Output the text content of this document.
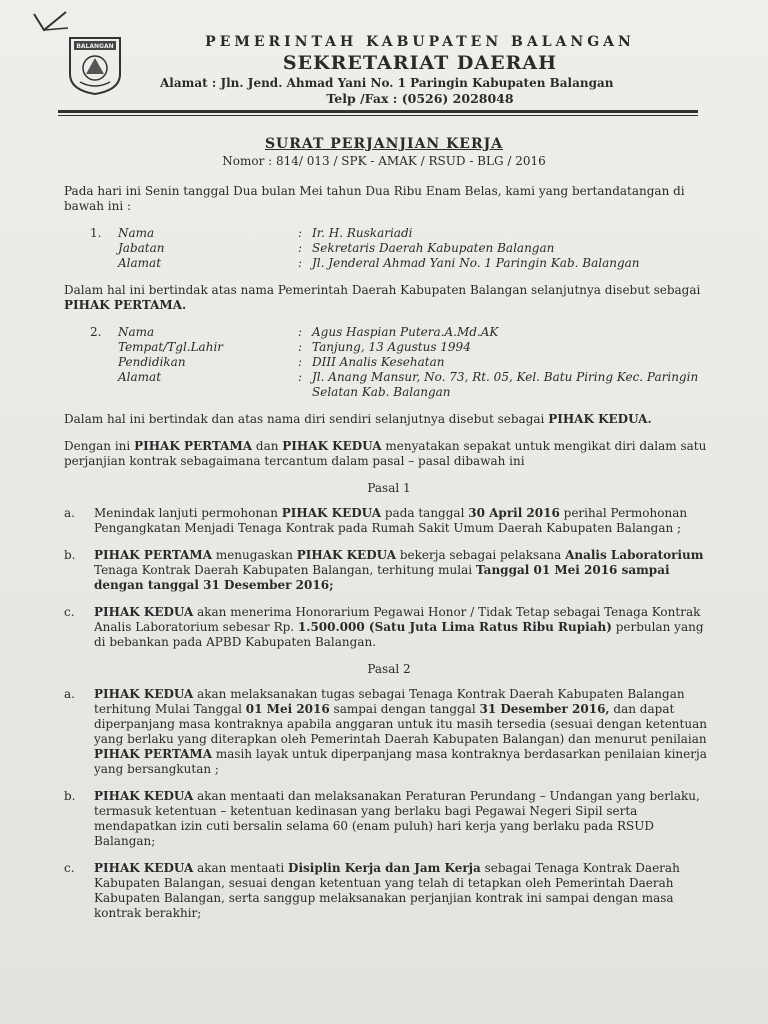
BALANGAN	PEMERINTAH KABUPATEN BALANGAN

SEKRETARIAT DAERAH

Alamat : Jln. Jend. Ahmad Yani No. 1 Paringin Kabupaten Balangan

Telp /Fax : (0526) 2028048

SURAT PERJANJIAN KERJA
Nomor : 814/ 013 / SPK - AMAK / RSUD - BLG / 2016

Pada hari ini Senin tanggal Dua bulan Mei tahun Dua Ribu Enam Belas, kami yang bertandatangan di bawah ini :

1.	Nama	: Ir. H. Ruskariadi
Jabatan	: Sekretaris Daerah Kabupaten Balangan
Alamat	: Jl. Jenderal Ahmad Yani No. 1 Paringin Kab. Balangan

Dalam hal ini bertindak atas nama Pemerintah Daerah Kabupaten Balangan selanjutnya disebut sebagai PIHAK PERTAMA.

2.	Nama	: Agus Haspian Putera.A.Md.AK
Tempat/Tgl.Lahir	: Tanjung, 13 Agustus 1994
Pendidikan	: DIII Analis Kesehatan
Alamat	: Jl. Anang Mansur, No. 73, Rt. 05, Kel. Batu Piring Kec. Paringin Selatan Kab. Balangan

Dalam hal ini bertindak dan atas nama diri sendiri selanjutnya disebut sebagai PIHAK KEDUA.

Dengan ini PIHAK PERTAMA dan PIHAK KEDUA menyatakan sepakat untuk mengikat diri dalam satu perjanjian kontrak sebagaimana tercantum dalam pasal – pasal dibawah ini

Pasal 1

a.	Menindak lanjuti permohonan PIHAK KEDUA pada tanggal 30 April 2016 perihal Permohonan Pengangkatan Menjadi Tenaga Kontrak pada Rumah Sakit Umum Daerah Kabupaten Balangan ;

b.	PIHAK PERTAMA menugaskan PIHAK KEDUA bekerja sebagai pelaksana Analis Laboratorium Tenaga Kontrak Daerah Kabupaten Balangan, terhitung mulai Tanggal 01 Mei 2016 sampai dengan tanggal 31 Desember 2016;

c.	PIHAK KEDUA akan menerima Honorarium Pegawai Honor / Tidak Tetap sebagai Tenaga Kontrak Analis Laboratorium sebesar Rp. 1.500.000 (Satu Juta Lima Ratus Ribu Rupiah) perbulan yang di bebankan pada APBD Kabupaten Balangan.

Pasal 2

a.	PIHAK KEDUA akan melaksanakan tugas sebagai Tenaga Kontrak Daerah Kabupaten Balangan terhitung Mulai Tanggal 01 Mei 2016 sampai dengan tanggal 31 Desember 2016, dan dapat diperpanjang masa kontraknya apabila anggaran untuk itu masih tersedia (sesuai dengan ketentuan yang berlaku yang diterapkan oleh Pemerintah Daerah Kabupaten Balangan) dan menurut penilaian PIHAK PERTAMA masih layak untuk diperpanjang masa kontraknya berdasarkan penilaian kinerja yang bersangkutan ;

b.	PIHAK KEDUA akan mentaati dan melaksanakan Peraturan Perundang – Undangan yang berlaku, termasuk ketentuan – ketentuan kedinasan yang berlaku bagi Pegawai Negeri Sipil serta mendapatkan izin cuti bersalin selama 60 (enam puluh) hari kerja yang berlaku pada RSUD Balangan;

c.	PIHAK KEDUA akan mentaati Disiplin Kerja dan Jam Kerja sebagai Tenaga Kontrak Daerah Kabupaten Balangan, sesuai dengan ketentuan yang telah di tetapkan oleh Pemerintah Daerah Kabupaten Balangan, serta sanggup melaksanakan perjanjian kontrak ini sampai dengan masa kontrak berakhir;
